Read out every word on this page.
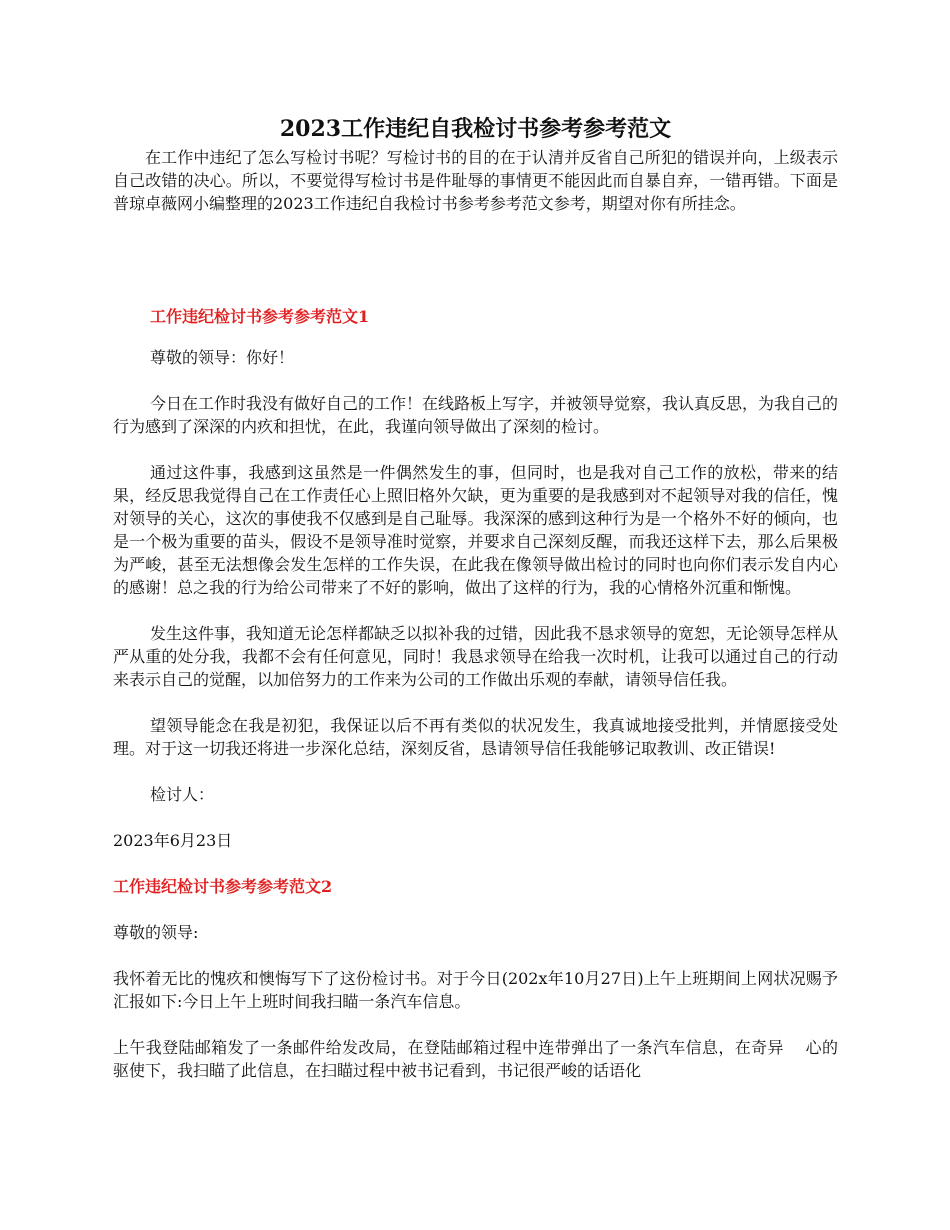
2023工作违纪自我检讨书参考参考范文

在工作中违纪了怎么写检讨书呢？写检讨书的目的在于认清并反省自己所犯的错误并向，上级表示自己改错的决心。所以，不要觉得写检讨书是件耻辱的事情更不能因此而自暴自弃，一错再错。下面是普琼卓薇网小编整理的2023工作违纪自我检讨书参考参考范文参考，期望对你有所挂念。

工作违纪检讨书参考参考范文1

尊敬的领导：你好！

今日在工作时我没有做好自己的工作！在线路板上写字，并被领导觉察，我认真反思，为我自己的行为感到了深深的内疚和担忧，在此，我谨向领导做出了深刻的检讨。

通过这件事，我感到这虽然是一件偶然发生的事，但同时，也是我对自己工作的放松，带来的结果，经反思我觉得自己在工作责任心上照旧格外欠缺，更为重要的是我感到对不起领导对我的信任，愧对领导的关心，这次的事使我不仅感到是自己耻辱。我深深的感到这种行为是一个格外不好的倾向，也是一个极为重要的苗头，假设不是领导准时觉察，并要求自己深刻反醒，而我还这样下去，那么后果极为严峻，甚至无法想像会发生怎样的工作失误，在此我在像领导做出检讨的同时也向你们表示发自内心的感谢！总之我的行为给公司带来了不好的影响，做出了这样的行为，我的心情格外沉重和惭愧。

发生这件事，我知道无论怎样都缺乏以拟补我的过错，因此我不恳求领导的宽恕，无论领导怎样从严从重的处分我，我都不会有任何意见，同时！我恳求领导在给我一次时机，让我可以通过自己的行动来表示自己的觉醒，以加倍努力的工作来为公司的工作做出乐观的奉献，请领导信任我。

望领导能念在我是初犯，我保证以后不再有类似的状况发生，我真诚地接受批判，并情愿接受处理。对于这一切我还将进一步深化总结，深刻反省，恳请领导信任我能够记取教训、改正错误!

检讨人：

2023年6月23日

工作违纪检讨书参考参考范文2

尊敬的领导:

我怀着无比的愧疚和懊悔写下了这份检讨书。对于今日(202x年10月27日)上午上班期间上网状况赐予汇报如下:今日上午上班时间我扫瞄一条汽车信息。

上午我登陆邮箱发了一条邮件给发改局，在登陆邮箱过程中连带弹出了一条汽车信息，在奇异　 心的驱使下，我扫瞄了此信息，在扫瞄过程中被书记看到，书记很严峻的话语化
